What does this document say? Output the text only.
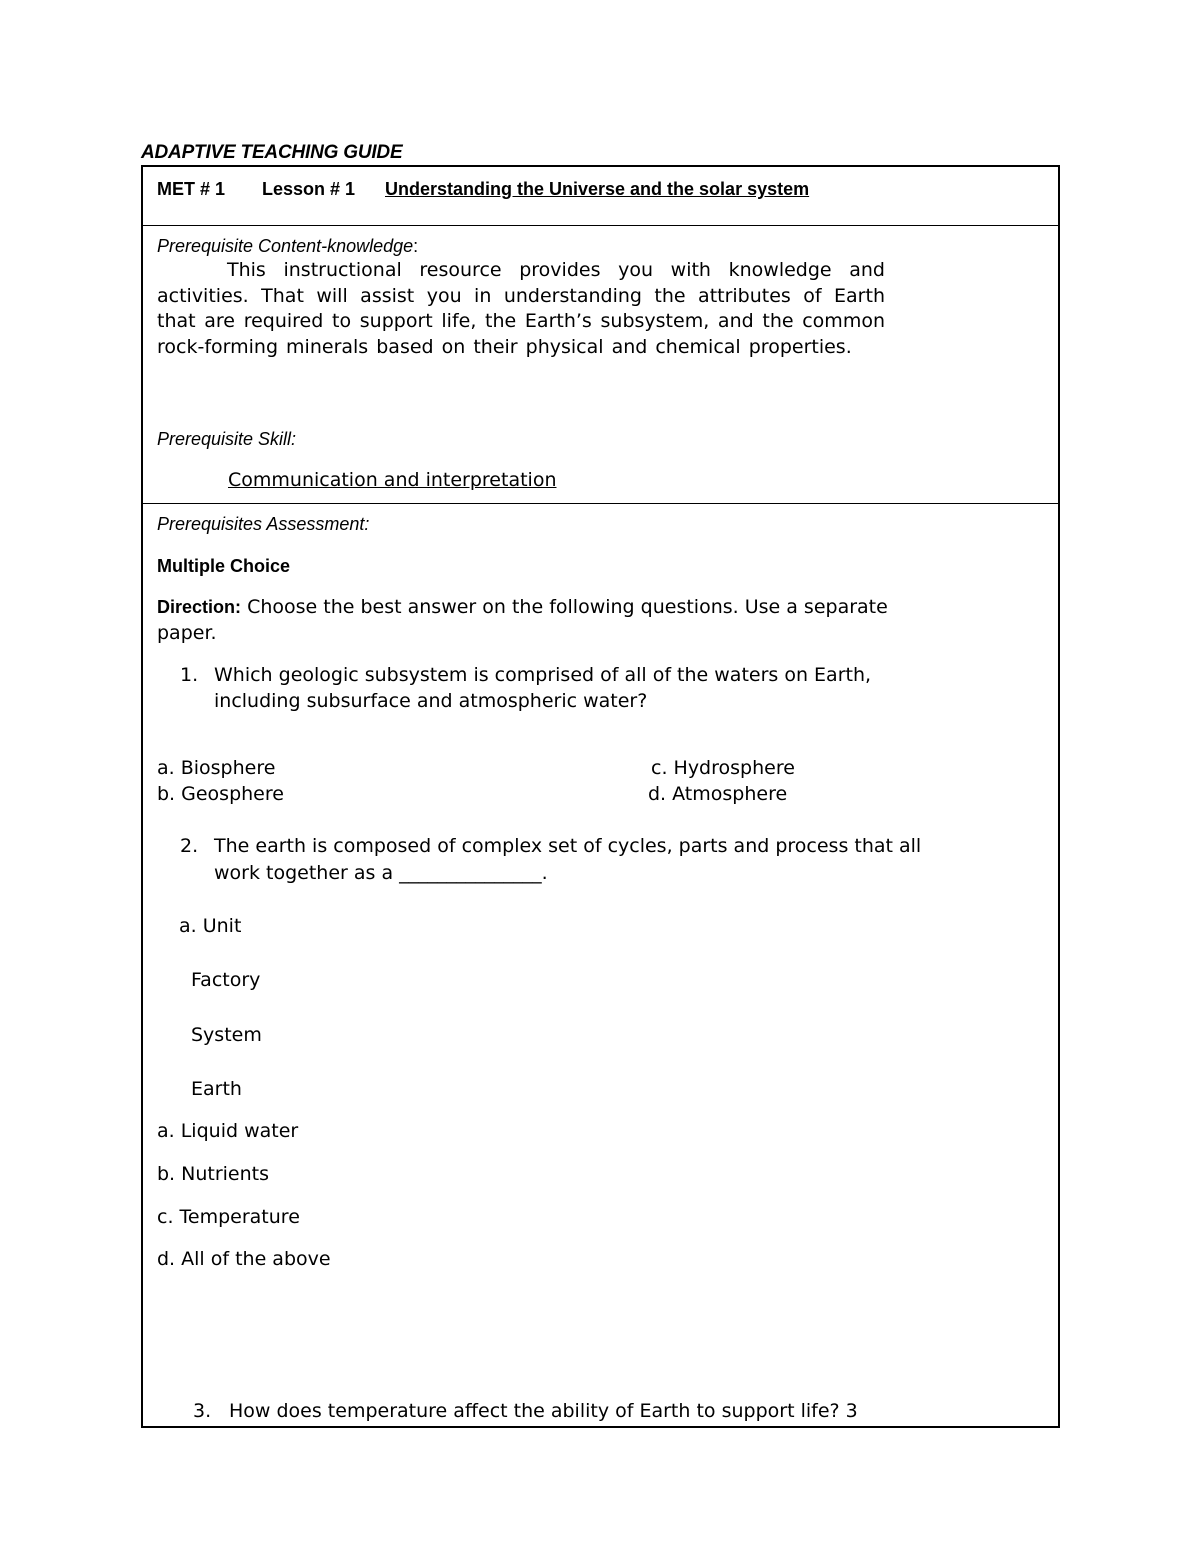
ADAPTIVE TEACHING GUIDE
MET # 1 Lesson # 1 Understanding the Universe and the solar system
Prerequisite Content-knowledge:
This instructional resource provides you with knowledge and activities. That will assist you in understanding the attributes of Earth that are required to support life, the Earth’s subsystem, and the common rock-forming minerals based on their physical and chemical properties.
Prerequisite Skill:
Communication and interpretation
Prerequisites Assessment:
Multiple Choice
Direction: Choose the best answer on the following questions. Use a separate
paper.
1. Which geologic subsystem is comprised of all of the waters on Earth,
including subsurface and atmospheric water?
a. Biosphere
b. Geosphere
c. Hydrosphere
d. Atmosphere
2. The earth is composed of complex set of cycles, parts and process that all
work together as a _______________.
a. Unit
Factory
System
Earth
a. Liquid water
b. Nutrients
c. Temperature
d. All of the above
3. How does temperature affect the ability of Earth to support life? 3
